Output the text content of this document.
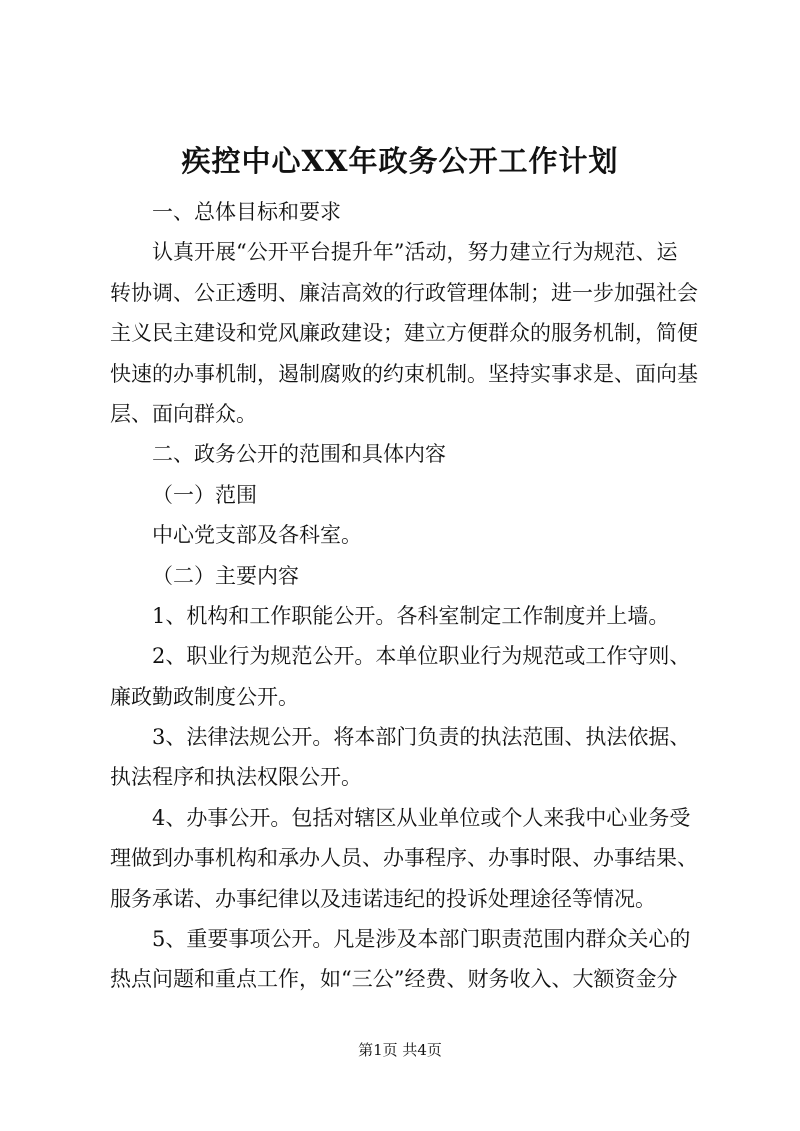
疾控中心XX年政务公开工作计划
一、总体目标和要求
认真开展“公开平台提升年”活动，努力建立行为规范、运
转协调、公正透明、廉洁高效的行政管理体制；进一步加强社会
主义民主建设和党风廉政建设；建立方便群众的服务机制，简便
快速的办事机制，遏制腐败的约束机制。坚持实事求是、面向基
层、面向群众。
二、政务公开的范围和具体内容
（一）范围
中心党支部及各科室。
（二）主要内容
1、机构和工作职能公开。各科室制定工作制度并上墙。
2、职业行为规范公开。本单位职业行为规范或工作守则、
廉政勤政制度公开。
3、法律法规公开。将本部门负责的执法范围、执法依据、
执法程序和执法权限公开。
4、办事公开。包括对辖区从业单位或个人来我中心业务受
理做到办事机构和承办人员、办事程序、办事时限、办事结果、
服务承诺、办事纪律以及违诺违纪的投诉处理途径等情况。
5、重要事项公开。凡是涉及本部门职责范围内群众关心的
热点问题和重点工作，如“三公”经费、财务收入、大额资金分
第1页 共4页
